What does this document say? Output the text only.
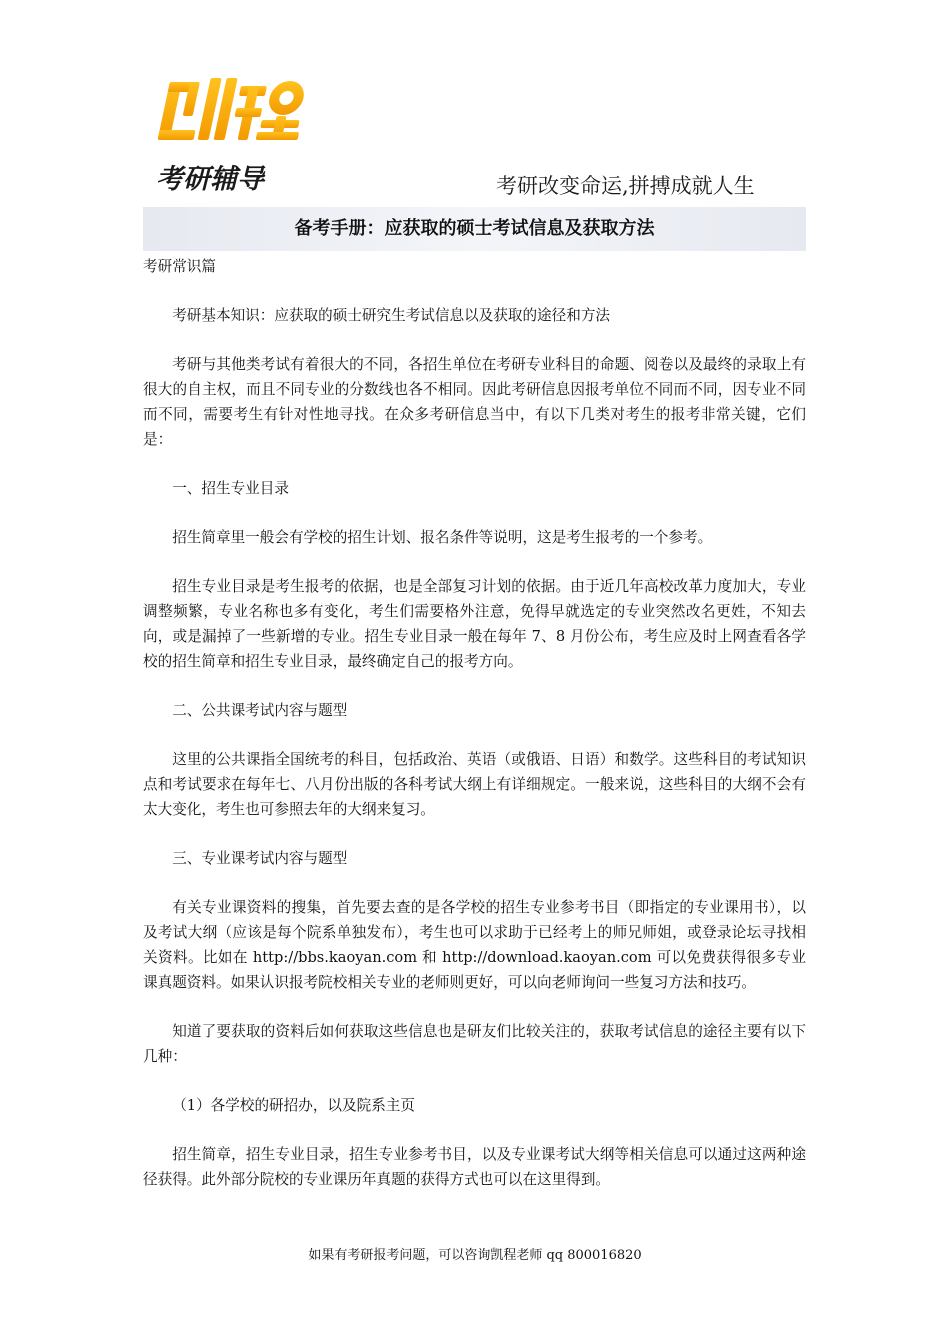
考研辅导	考研改变命运,拼搏成就人生
备考手册：应获取的硕士考试信息及获取方法

考研常识篇

考研基本知识：应获取的硕士研究生考试信息以及获取的途径和方法

考研与其他类考试有着很大的不同，各招生单位在考研专业科目的命题、阅卷以及最终的录取上有很大的自主权，而且不同专业的分数线也各不相同。因此考研信息因报考单位不同而不同，因专业不同而不同，需要考生有针对性地寻找。在众多考研信息当中，有以下几类对考生的报考非常关键，它们是：

一、招生专业目录

招生简章里一般会有学校的招生计划、报名条件等说明，这是考生报考的一个参考。

招生专业目录是考生报考的依据，也是全部复习计划的依据。由于近几年高校改革力度加大，专业调整频繁，专业名称也多有变化，考生们需要格外注意，免得早就选定的专业突然改名更姓，不知去向，或是漏掉了一些新增的专业。招生专业目录一般在每年 7、8 月份公布，考生应及时上网查看各学校的招生简章和招生专业目录，最终确定自己的报考方向。

二、公共课考试内容与题型

这里的公共课指全国统考的科目，包括政治、英语（或俄语、日语）和数学。这些科目的考试知识点和考试要求在每年七、八月份出版的各科考试大纲上有详细规定。一般来说，这些科目的大纲不会有太大变化，考生也可参照去年的大纲来复习。

三、专业课考试内容与题型

有关专业课资料的搜集，首先要去查的是各学校的招生专业参考书目（即指定的专业课用书），以及考试大纲（应该是每个院系单独发布），考生也可以求助于已经考上的师兄师姐，或登录论坛寻找相关资料。比如在 http://bbs.kaoyan.com 和 http://download.kaoyan.com 可以免费获得很多专业课真题资料。如果认识报考院校相关专业的老师则更好，可以向老师询问一些复习方法和技巧。

知道了要获取的资料后如何获取这些信息也是研友们比较关注的，获取考试信息的途径主要有以下几种：

（1）各学校的研招办，以及院系主页

招生简章，招生专业目录，招生专业参考书目，以及专业课考试大纲等相关信息可以通过这两种途径获得。此外部分院校的专业课历年真题的获得方式也可以在这里得到。

如果有考研报考问题，可以咨询凯程老师 qq 800016820
